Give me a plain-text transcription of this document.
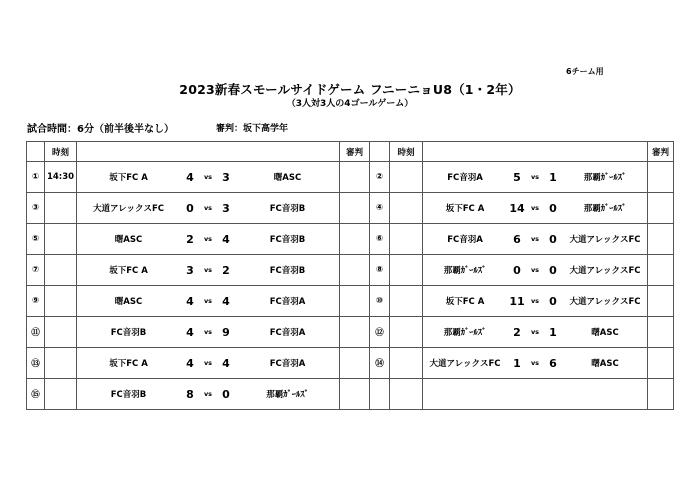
6チーム用
2023新春スモールサイドゲーム フニーニョU8（1・2年）
（3人対3人の4ゴールゲーム）
試合時間：6分（前半後半なし）	審判：坂下高学年
	時刻		審判		時刻		審判
①	14:30	坂下FC A 4 vs 3 曙ASC		②		FC音羽A 5 vs 1 那覇ｶﾞｰﾙｽﾞ	

③		大道アレックスFC 0 vs 3 FC音羽B		④		坂下FC A 14 vs 0 那覇ｶﾞｰﾙｽﾞ	

⑤		曙ASC 2 vs 4 FC音羽B		⑥		FC音羽A 6 vs 0 大道アレックスFC	

⑦		坂下FC A 3 vs 2 FC音羽B		⑧		那覇ｶﾞｰﾙｽﾞ 0 vs 0 大道アレックスFC	

⑨		曙ASC 4 vs 4 FC音羽A		⑩		坂下FC A 11 vs 0 大道アレックスFC	

⑪		FC音羽B 4 vs 9 FC音羽A		⑫		那覇ｶﾞｰﾙｽﾞ 2 vs 1 曙ASC	

⑬		坂下FC A 4 vs 4 FC音羽A		⑭		大道アレックスFC 1 vs 6 曙ASC	

⑮		FC音羽B 8 vs 0 那覇ｶﾞｰﾙｽﾞ					
